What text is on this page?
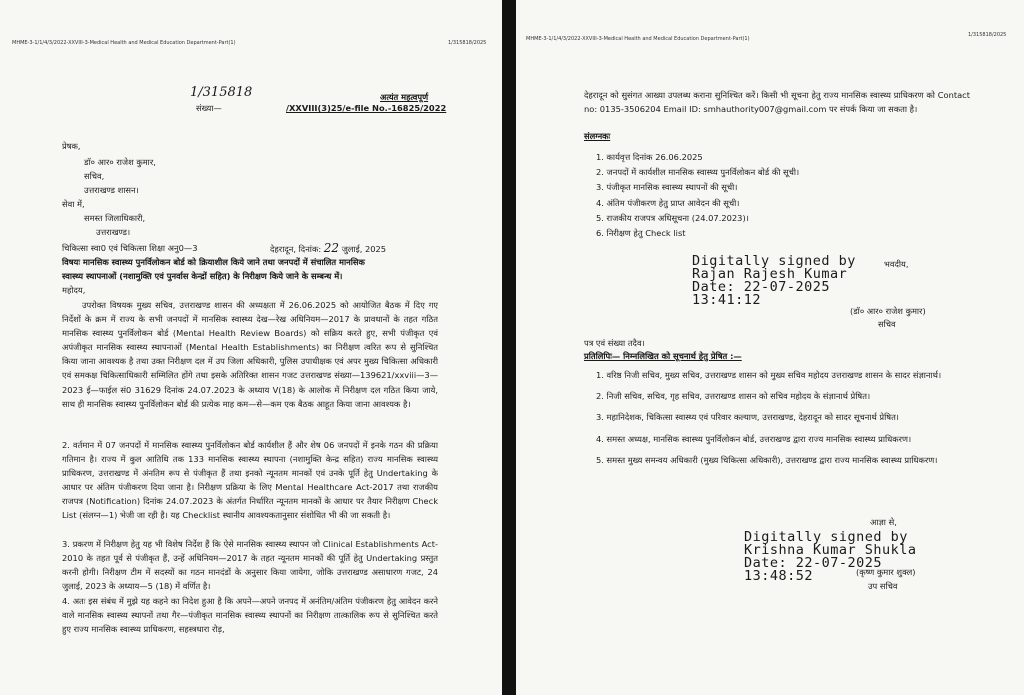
MHME-3-1/1/4/3/2022-XXVIII-3-Medical Health and Medical Education Department-Part(1)	1/315818/2025
1/315818	अत्यंत महत्वपूर्ण
संख्या—	/XXVIII(3)25/e-file No.-16825/2022
प्रेषक,
डॉ० आर० राजेश कुमार,
सचिव,
उत्तराखण्ड शासन।
सेवा में,
समस्त जिलाधिकारी,
उत्तराखण्ड।
चिकित्सा स्वा0 एवं चिकित्सा शिक्षा अनु0—3	देहरादून, दिनांक: 22 जुलाई, 2025
विषयः मानसिक स्वास्थ्य पुनर्विलोकन बोर्ड को क्रियाशील किये जाने तथा जनपदों में संचालित मानसिक
स्वास्थ्य स्थापनाओं (नशामुक्ति एवं पुनर्वास केन्द्रों सहित) के निरीक्षण किये जाने के सम्बन्ध में।
महोदय,
उपरोक्त विषयक मुख्य सचिव, उत्तराखण्ड शासन की अध्यक्षता में 26.06.2025 को आयोजित बैठक में दिए गए निर्देशों के क्रम में राज्य के सभी जनपदों में मानसिक स्वास्थ्य देख—रेख अधिनियम—2017 के प्रावधानों के तहत गठित मानसिक स्वास्थ्य पुनर्विलोकन बोर्ड (Mental Health Review Boards) को सक्रिय करते हुए, सभी पंजीकृत एवं अपंजीकृत मानसिक स्वास्थ्य स्थापनाओं (Mental Health Establishments) का निरीक्षण त्वरित रूप से सुनिश्चित किया जाना आवश्यक है तथा उक्त निरीक्षण दल में उप जिला अधिकारी, पुलिस उपाधीक्षक एवं अपर मुख्य चिकित्सा अधिकारी एवं समकक्ष चिकित्साधिकारी सम्मिलित होंगे तथा इसके अतिरिक्त शासन गजट उत्तराखण्ड संख्या—139621/xxviii—3—2023 ई—फाईल सं0 31629 दिनांक 24.07.2023 के अध्याय V(18) के आलोक में निरीक्षण दल गठित किया जाये, साथ ही मानसिक स्वास्थ्य पुनर्विलोकन बोर्ड की प्रत्येक माह कम—से—कम एक बैठक आहूत किया जाना आवश्यक है।
2. वर्तमान में 07 जनपदों में मानसिक स्वास्थ्य पुनर्विलोकन बोर्ड कार्यशील हैं और शेष 06 जनपदों में इनके गठन की प्रक्रिया गतिमान है। राज्य में कुल आतिथि तक 133 मानसिक स्वास्थ्य स्थापना (नशामुक्ति केन्द्र सहित) राज्य मानसिक स्वास्थ्य प्राधिकरण, उत्तराखण्ड में अंनतिम रूप से पंजीकृत हैं तथा इनको न्यूनतम मानकों एवं उनके पूर्ति हेतु Undertaking के आधार पर अंतिम पंजीकरण दिया जाना है। निरीक्षण प्रक्रिया के लिए Mental Healthcare Act-2017 तथा राजकीय राजपत्र (Notification) दिनांक 24.07.2023 के अंतर्गत निर्धारित न्यूनतम मानकों के आधार पर तैयार निरीक्षण Check List (संलग्न—1) भेजी जा रही है। यह Checklist स्थानीय आवश्यकतानुसार संशोधित भी की जा सकती है।
3. प्रकरण में निरीक्षण हेतु यह भी विशेष निर्देश हैं कि ऐसे मानसिक स्वास्थ्य स्थापन जो Clinical Establishments Act-2010 के तहत पूर्व से पंजीकृत हैं, उन्हें अधिनियम—2017 के तहत न्यूनतम मानकों की पूर्ति हेतु Undertaking प्रस्तुत करनी होगी। निरीक्षण टीम में सदस्यों का गठन मानदंडों के अनुसार किया जायेगा, जोकि उत्तराखण्ड असाधारण गजट, 24 जुलाई, 2023 के अध्याय—5 (18) में वर्णित है।
4. अतः इस संबंध में मुझे यह कहने का निदेश हुआ है कि अपने—अपने जनपद में अनंतिम/अंतिम पंजीकरण हेतु आवेदन करने वाले मानसिक स्वास्थ्य स्थापनों तथा गैर—पंजीकृत मानसिक स्वास्थ्य स्थापनों का निरीक्षण तात्कालिक रूप से सुनिश्चित करते हुए राज्य मानसिक स्वास्थ्य प्राधिकरण, सहस्त्रधारा रोड़,
MHME-3-1/1/4/3/2022-XXVIII-3-Medical Health and Medical Education Department-Part(1)
1/315818/2025
देहरादून को सुसंगत आख्या उपलब्ध कराना सुनिश्चित करें। किसी भी सूचना हेतु राज्य मानसिक स्वास्थ्य प्राधिकरण को Contact no: 0135-3506204 Email ID: smhauthority007@gmail.com पर संपर्क किया जा सकता है।
संलग्नकः
1. कार्यवृत्त दिनांक 26.06.2025
2. जनपदों में कार्यशील मानसिक स्वास्थ्य पुनर्विलोकन बोर्ड की सूची।
3. पंजीकृत मानसिक स्वास्थ्य स्थापनों की सूची।
4. अंतिम पंजीकरण हेतु प्राप्त आवेदन की सूची।
5. राजकीय राजपत्र अधिसूचना (24.07.2023)।
6. निरीक्षण हेतु Check list
Digitally signed by
Rajan Rajesh Kumar
Date: 22-07-2025
13:41:12
भवदीय,
(डॉ० आर० राजेश कुमार)
सचिव
पत्र एवं संख्या तदैव।
प्रतिलिपिः— निम्नलिखित को सूचनार्थ हेतु प्रेषित :—
1. वरिष्ठ निजी सचिव, मुख्य सचिव, उत्तराखण्ड शासन को मुख्य सचिव महोदय उत्तराखण्ड शासन के सादर संज्ञानार्थ।
2. निजी सचिव, सचिव, गृह सचिव, उत्तराखण्ड शासन को सचिव महोदय के संज्ञानार्थ प्रेषित।
3. महानिदेशक, चिकित्सा स्वास्थ्य एवं परिवार कल्याण, उत्तराखण्ड, देहरादून को सादर सूचनार्थ प्रेषित।
4. समस्त अध्यक्ष, मानसिक स्वास्थ्य पुनर्विलोकन बोर्ड, उत्तराखण्ड द्वारा राज्य मानसिक स्वास्थ्य प्राधिकरण।
5. समस्त मुख्य समन्वय अधिकारी (मुख्य चिकित्सा अधिकारी), उत्तराखण्ड द्वारा राज्य मानसिक स्वास्थ्य प्राधिकरण।
आज्ञा से,
Digitally signed by
Krishna Kumar Shukla
Date: 22-07-2025
13:48:52	(कृष्ण कुमार शुक्ल)
उप सचिव
